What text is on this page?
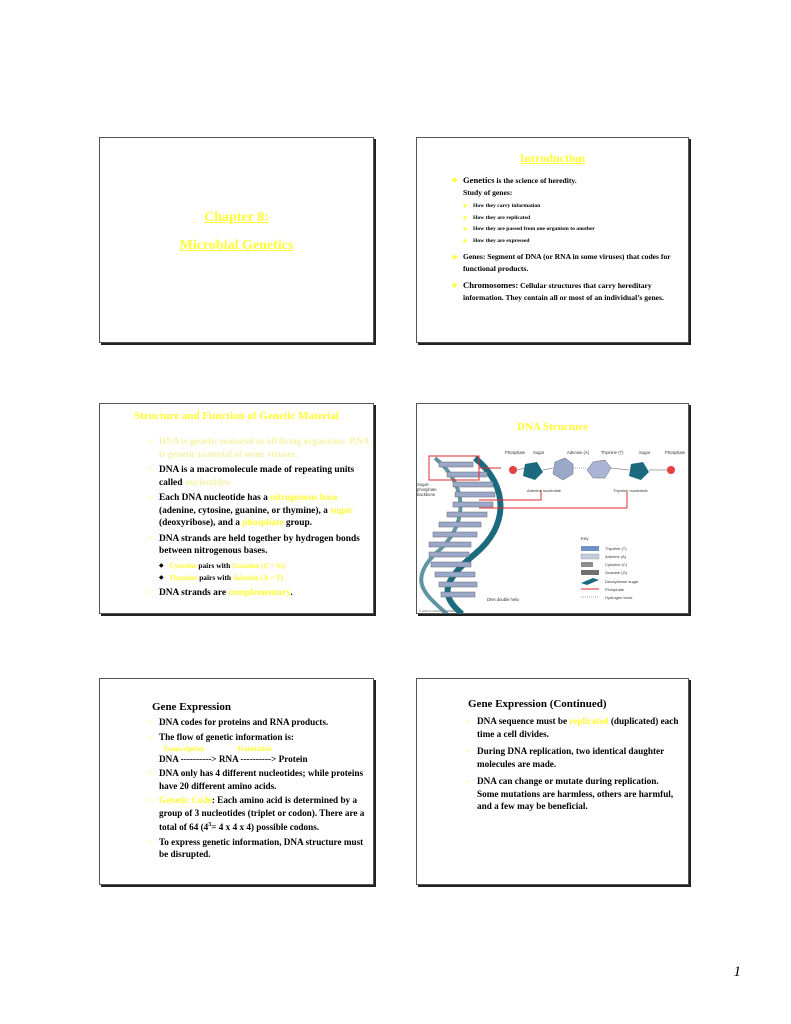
Chapter 8:
Microbial Genetics
Introduction
◆ Genetics is the science of heredity.
Study of genes:
◆ How they carry information
◆ How they are replicated
◆ How they are passed from one organism to another
◆ How they are expressed
◆ Genes: Segment of DNA (or RNA in some viruses) that codes for functional products.
◆ Chromosomes: Cellular structures that carry hereditary information. They contain all or most of an individual’s genes.
Structure and Function of Genetic Material
◦ DNA is genetic material in all living organisms. RNA is genetic material of some viruses.
◦ DNA is a macromolecule made of repeating units called nucleotides.
◦ Each DNA nucleotide has a nitrogenous base (adenine, cytosine, guanine, or thymine), a sugar (deoxyribose), and a phosphate group.
◦ DNA strands are held together by hydrogen bonds between nitrogenous bases.
◆ Cytosine pairs with Guanine (C = G)
◆ Thymine pairs with Adenine (A = T)
◦ DNA strands are complementary.
DNA Structure
Sugar-
phosphate
backbone
Phosphate Sugar	Adenine (A)	Thymine (T)	Sugar	Phosphate
Adenine nucleotide	Thymine nucleotide
Key
Thymine (T)
Adenine (A)
Cytosine (C)
Guanine (G)
Deoxyribose sugar
Phosphate
Hydrogen bond
DNA double helix
© 2002 ALANDON/SUMMERS
Gene Expression
◦ DNA codes for proteins and RNA products.
◦ The flow of genetic information is:
Transcription	Translation
DNA ----------> RNA ----------> Protein
◦ DNA only has 4 different nucleotides; while proteins have 20 different amino acids.
◦ Genetic Code: Each amino acid is determined by a group of 3 nucleotides (triplet or codon). There are a total of 64 ($4^3= 4$ x 4 x 4) possible codons.
◦ To express genetic information, DNA structure must be disrupted.
Gene Expression (Continued)
◦ DNA sequence must be replicated (duplicated) each time a cell divides.
◦ During DNA replication, two identical daughter molecules are made.
◦ DNA can change or mutate during replication.
Some mutations are harmless, others are harmful, and a few may be beneficial.
1
